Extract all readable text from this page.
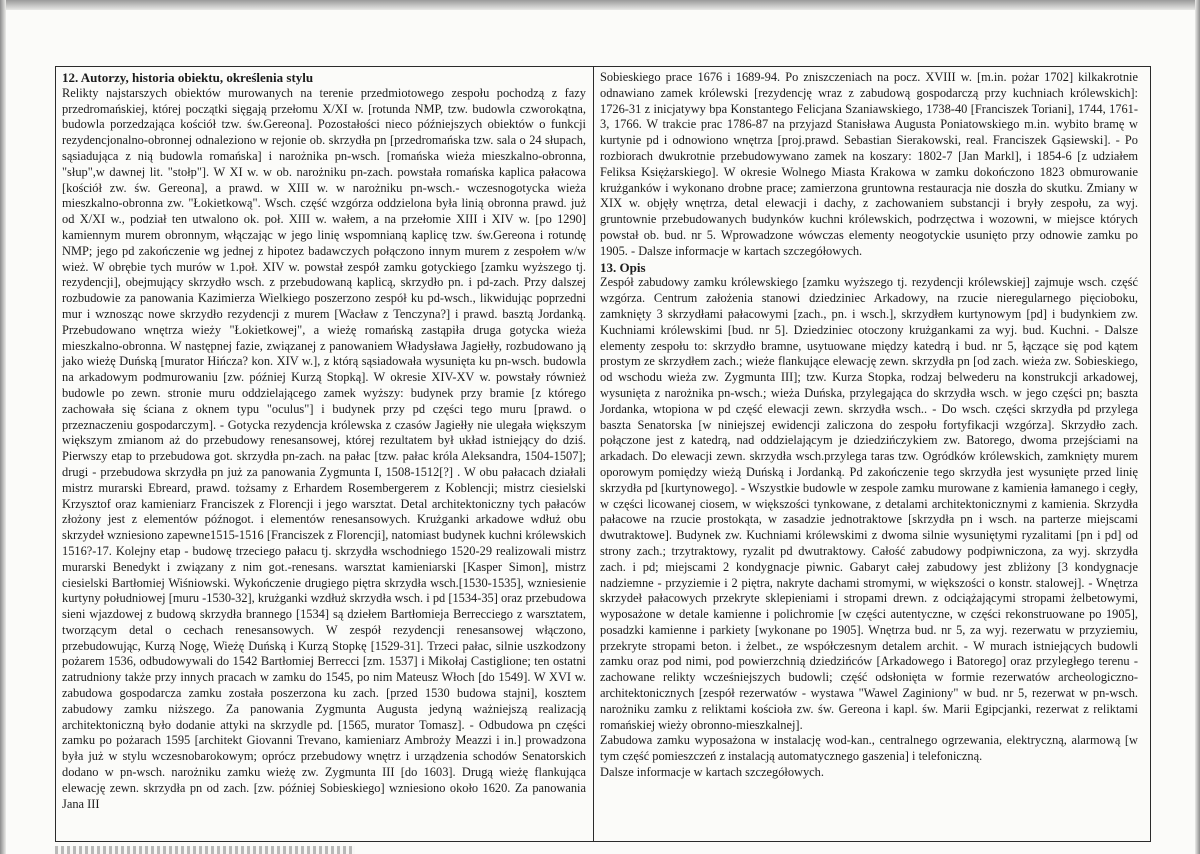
12. Autorzy, historia obiektu, określenia stylu

Relikty najstarszych obiektów murowanych na terenie przedmiotowego zespołu pochodzą z fazy przedromańskiej, której początki sięgają przełomu X/XI w. [rotunda NMP, tzw. budowla czworokątna, budowla porzedzająca kościół tzw. św.Gereona]. Pozostałości nieco późniejszych obiektów o funkcji rezydencjonalno-obronnej odnaleziono w rejonie ob. skrzydła pn [przedromańska tzw. sala o 24 słupach, sąsiadująca z nią budowla romańska] i narożnika pn-wsch. [romańska wieża mieszkalno-obronna, "słup",w dawnej lit. "stołp"]. W XI w. w ob. narożniku pn-zach. powstała romańska kaplica pałacowa [kościół zw. św. Gereona], a prawd. w XIII w. w narożniku pn-wsch.- wczesnogotycka wieża mieszkalno-obronna zw. "Łokietkową". Wsch. część wzgórza oddzielona była linią obronna prawd. już od X/XI w., podział ten utwalono ok. poł. XIII w. wałem, a na przełomie XIII i XIV w. [po 1290] kamiennym murem obronnym, włączając w jego linię wspomnianą kaplicę tzw. św.Gereona i rotundę NMP; jego pd zakończenie wg jednej z hipotez badawczych połączono innym murem z zespołem w/w wież. W obrębie tych murów w 1.poł. XIV w. powstał zespół zamku gotyckiego [zamku wyższego tj. rezydencji], obejmujący skrzydło wsch. z przebudowaną kaplicą, skrzydło pn. i pd-zach. Przy dalszej rozbudowie za panowania Kazimierza Wielkiego poszerzono zespół ku pd-wsch., likwidując poprzedni mur i wznosząc nowe skrzydło rezydencji z murem [Wacław z Tenczyna?] i prawd. basztą Jordanką. Przebudowano wnętrza wieży "Łokietkowej", a wieżę romańską zastąpiła druga gotycka wieża mieszkalno-obronna. W następnej fazie, związanej z panowaniem Władysława Jagiełły, rozbudowano ją jako wieżę Duńską [murator Hińcza? kon. XIV w.], z którą sąsiadowała wysunięta ku pn-wsch. budowla na arkadowym podmurowaniu [zw. później Kurzą Stopką]. W okresie XIV-XV w. powstały również budowle po zewn. stronie muru oddzielającego zamek wyższy: budynek przy bramie [z którego zachowała się ściana z oknem typu "oculus"] i budynek przy pd części tego muru [prawd. o przeznaczeniu gospodarczym]. - Gotycka rezydencja królewska z czasów Jagiełły nie ulegała większym większym zmianom aż do przebudowy renesansowej, której rezultatem był układ istniejący do dziś. Pierwszy etap to przebudowa got. skrzydła pn-zach. na pałac [tzw. pałac króla Aleksandra, 1504-1507]; drugi - przebudowa skrzydła pn już za panowania Zygmunta I, 1508-1512[?] . W obu pałacach działali mistrz murarski Ebreard, prawd. tożsamy z Erhardem Rosembergerem z Koblencji; mistrz ciesielski Krzysztof oraz kamieniarz Franciszek z Florencji i jego warsztat. Detal architektoniczny tych pałaców złożony jest z elementów późnogot. i elementów renesansowych. Krużganki arkadowe wdłuż obu skrzydeł wzniesiono zapewne1515-1516 [Franciszek z Florencji], natomiast budynek kuchni królewskich 1516?-17. Kolejny etap - budowę trzeciego pałacu tj. skrzydła wschodniego 1520-29 realizowali mistrz murarski Benedykt i związany z nim got.-renesans. warsztat kamieniarski [Kasper Simon], mistrz ciesielski Bartłomiej Wiśniowski. Wykończenie drugiego piętra skrzydła wsch.[1530-1535], wzniesienie kurtyny południowej [muru -1530-32], krużganki wzdłuż skrzydła wsch. i pd [1534-35] oraz przebudowa sieni wjazdowej z budową skrzydła brannego [1534] są dziełem Bartłomieja Berrecciego z warsztatem, tworzącym detal o cechach renesansowych. W zespół rezydencji renesansowej włączono, przebudowując, Kurzą Nogę, Wieżę Duńską i Kurzą Stopkę [1529-31]. Trzeci pałac, silnie uszkodzony pożarem 1536, odbudowywali do 1542 Bartłomiej Berrecci [zm. 1537] i Mikołaj Castiglione; ten ostatni zatrudniony także przy innych pracach w zamku do 1545, po nim Mateusz Włoch [do 1549]. W XVI w. zabudowa gospodarcza zamku została poszerzona ku zach. [przed 1530 budowa stajni], kosztem zabudowy zamku niższego. Za panowania Zygmunta Augusta jedyną ważniejszą realizacją architektoniczną było dodanie attyki na skrzydle pd. [1565, murator Tomasz]. - Odbudowa pn części zamku po pożarach 1595 [architekt Giovanni Trevano, kamieniarz Ambroży Meazzi i in.] prowadzona była już w stylu wczesnobarokowym; oprócz przebudowy wnętrz i urządzenia schodów Senatorskich dodano w pn-wsch. narożniku zamku wieżę zw. Zygmunta III [do 1603]. Drugą wieżę flankująca elewację zewn. skrzydła pn od zach. [zw. później Sobieskiego] wzniesiono około 1620. Za panowania Jana III

Sobieskiego prace 1676 i 1689-94. Po zniszczeniach na pocz. XVIII w. [m.in. pożar 1702] kilkakrotnie odnawiano zamek królewski [rezydencję wraz z zabudową gospodarczą przy kuchniach królewskich]: 1726-31 z inicjatywy bpa Konstantego Felicjana Szaniawskiego, 1738-40 [Franciszek Toriani], 1744, 1761-3, 1766. W trakcie prac 1786-87 na przyjazd Stanisława Augusta Poniatowskiego m.in. wybito bramę w kurtynie pd i odnowiono wnętrza [proj.prawd. Sebastian Sierakowski, real. Franciszek Gąsiewski]. - Po rozbiorach dwukrotnie przebudowywano zamek na koszary: 1802-7 [Jan Markl], i 1854-6 [z udziałem Feliksa Księżarskiego]. W okresie Wolnego Miasta Krakowa w zamku dokończono 1823 obmurowanie krużganków i wykonano drobne prace; zamierzona gruntowna restauracja nie doszła do skutku. Zmiany w XIX w. objęły wnętrza, detal elewacji i dachy, z zachowaniem substancji i bryły zespołu, za wyj. gruntownie przebudowanych budynków kuchni królewskich, podrzęctwa i wozowni, w miejsce których powstał ob. bud. nr 5. Wprowadzone wówczas elementy neogotyckie usunięto przy odnowie zamku po 1905. - Dalsze informacje w kartach szczegółowych.

13. Opis

Zespół zabudowy zamku królewskiego [zamku wyższego tj. rezydencji królewskiej] zajmuje wsch. część wzgórza. Centrum założenia stanowi dziedziniec Arkadowy, na rzucie nieregularnego pięcioboku, zamknięty 3 skrzydłami pałacowymi [zach., pn. i wsch.], skrzydłem kurtynowym [pd] i budynkiem zw. Kuchniami królewskimi [bud. nr 5]. Dziedziniec otoczony krużgankami za wyj. bud. Kuchni. - Dalsze elementy zespołu to: skrzydło bramne, usytuowane między katedrą i bud. nr 5, łączące się pod kątem prostym ze skrzydłem zach.; wieże flankujące elewację zewn. skrzydła pn [od zach. wieża zw. Sobieskiego, od wschodu wieża zw. Zygmunta III]; tzw. Kurza Stopka, rodzaj belwederu na konstrukcji arkadowej, wysunięta z narożnika pn-wsch.; wieża Duńska, przylegająca do skrzydła wsch. w jego części pn; baszta Jordanka, wtopiona w pd część elewacji zewn. skrzydła wsch.. - Do wsch. części skrzydła pd przylega baszta Senatorska [w niniejszej ewidencji zaliczona do zespołu fortyfikacji wzgórza]. Skrzydło zach. połączone jest z katedrą, nad oddzielającym je dziedzińczykiem zw. Batorego, dwoma przejściami na arkadach. Do elewacji zewn. skrzydła wsch.przylega taras tzw. Ogródków królewskich, zamknięty murem oporowym pomiędzy wieżą Duńską i Jordanką. Pd zakończenie tego skrzydła jest wysunięte przed linię skrzydła pd [kurtynowego]. - Wszystkie budowle w zespole zamku murowane z kamienia łamanego i cegły, w części licowanej ciosem, w większości tynkowane, z detalami architektonicznymi z kamienia. Skrzydła pałacowe na rzucie prostokąta, w zasadzie jednotraktowe [skrzydła pn i wsch. na parterze miejscami dwutraktowe]. Budynek zw. Kuchniami królewskimi z dwoma silnie wysuniętymi ryzalitami [pn i pd] od strony zach.; trzytraktowy, ryzalit pd dwutraktowy. Całość zabudowy podpiwniczona, za wyj. skrzydła zach. i pd; miejscami 2 kondygnacje piwnic. Gabaryt całej zabudowy jest zbliżony [3 kondygnacje nadziemne - przyziemie i 2 piętra, nakryte dachami stromymi, w większości o konstr. stalowej]. - Wnętrza skrzydeł pałacowych przekryte sklepieniami i stropami drewn. z odciążającymi stropami żelbetowymi, wyposażone w detale kamienne i polichromie [w części autentyczne, w części rekonstruowane po 1905], posadzki kamienne i parkiety [wykonane po 1905]. Wnętrza bud. nr 5, za wyj. rezerwatu w przyziemiu, przekryte stropami beton. i żelbet., ze współczesnym detalem archit. - W murach istniejących budowli zamku oraz pod nimi, pod powierzchnią dziedzińców [Arkadowego i Batorego] oraz przyległego terenu - zachowane relikty wcześniejszych budowli; część odsłonięta w formie rezerwatów archeologiczno-architektonicznych [zespół rezerwatów - wystawa "Wawel Zaginiony" w bud. nr 5, rezerwat w pn-wsch. narożniku zamku z reliktami kościoła zw. św. Gereona i kapl. św. Marii Egipcjanki, rezerwat z reliktami romańskiej wieży obronno-mieszkalnej].

Zabudowa zamku wyposażona w instalację wod-kan., centralnego ogrzewania, elektryczną, alarmową [w tym część pomieszczeń z instalacją automatycznego gaszenia] i telefoniczną.

Dalsze informacje w kartach szczegółowych.
